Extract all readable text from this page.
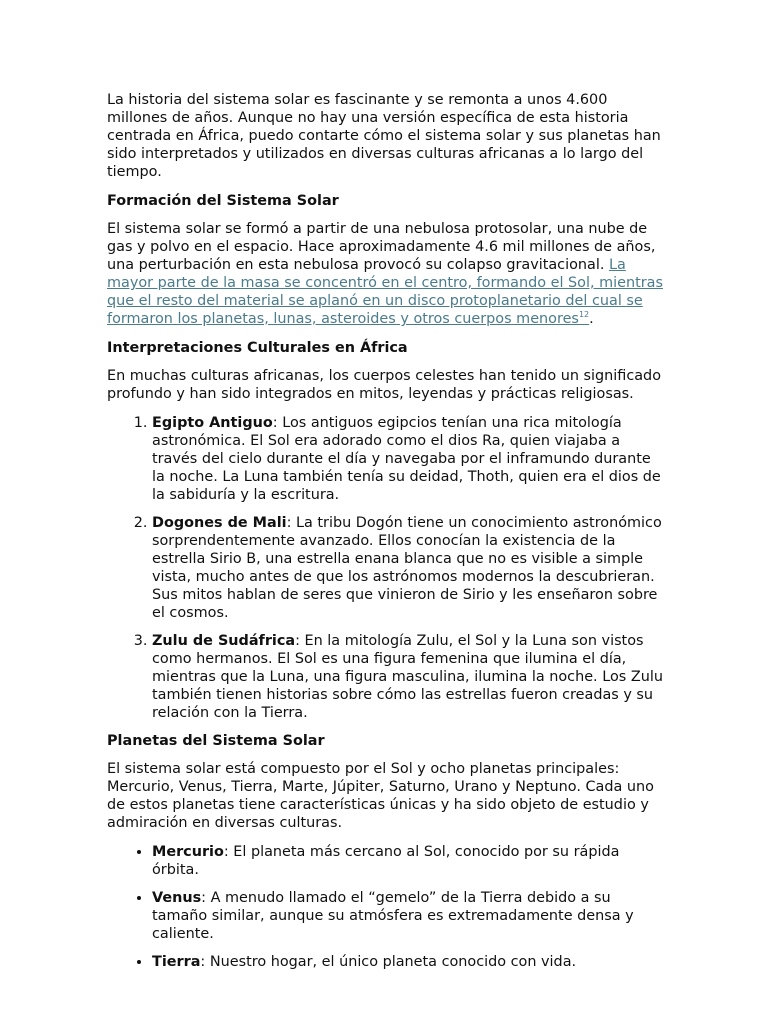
La historia del sistema solar es fascinante y se remonta a unos 4.600 millones de años. Aunque no hay una versión específica de esta historia centrada en África, puedo contarte cómo el sistema solar y sus planetas han sido interpretados y utilizados en diversas culturas africanas a lo largo del tiempo.

Formación del Sistema Solar

El sistema solar se formó a partir de una nebulosa protosolar, una nube de gas y polvo en el espacio. Hace aproximadamente 4.6 mil millones de años, una perturbación en esta nebulosa provocó su colapso gravitacional. La mayor parte de la masa se concentró en el centro, formando el Sol, mientras que el resto del material se aplanó en un disco protoplanetario del cual se formaron los planetas, lunas, asteroides y otros cuerpos menores$^{12}$.

Interpretaciones Culturales en África

En muchas culturas africanas, los cuerpos celestes han tenido un significado profundo y han sido integrados en mitos, leyendas y prácticas religiosas.

1. Egipto Antiguo: Los antiguos egipcios tenían una rica mitología astronómica. El Sol era adorado como el dios Ra, quien viajaba a través del cielo durante el día y navegaba por el inframundo durante la noche. La Luna también tenía su deidad, Thoth, quien era el dios de la sabiduría y la escritura.
2. Dogones de Mali: La tribu Dogón tiene un conocimiento astronómico sorprendentemente avanzado. Ellos conocían la existencia de la estrella Sirio B, una estrella enana blanca que no es visible a simple vista, mucho antes de que los astrónomos modernos la descubrieran. Sus mitos hablan de seres que vinieron de Sirio y les enseñaron sobre el cosmos.
3. Zulu de Sudáfrica: En la mitología Zulu, el Sol y la Luna son vistos como hermanos. El Sol es una figura femenina que ilumina el día, mientras que la Luna, una figura masculina, ilumina la noche. Los Zulu también tienen historias sobre cómo las estrellas fueron creadas y su relación con la Tierra.
Planetas del Sistema Solar

El sistema solar está compuesto por el Sol y ocho planetas principales: Mercurio, Venus, Tierra, Marte, Júpiter, Saturno, Urano y Neptuno. Cada uno de estos planetas tiene características únicas y ha sido objeto de estudio y admiración en diversas culturas.

• Mercurio: El planeta más cercano al Sol, conocido por su rápida órbita.
• Venus: A menudo llamado el “gemelo” de la Tierra debido a su tamaño similar, aunque su atmósfera es extremadamente densa y caliente.
• Tierra: Nuestro hogar, el único planeta conocido con vida.
